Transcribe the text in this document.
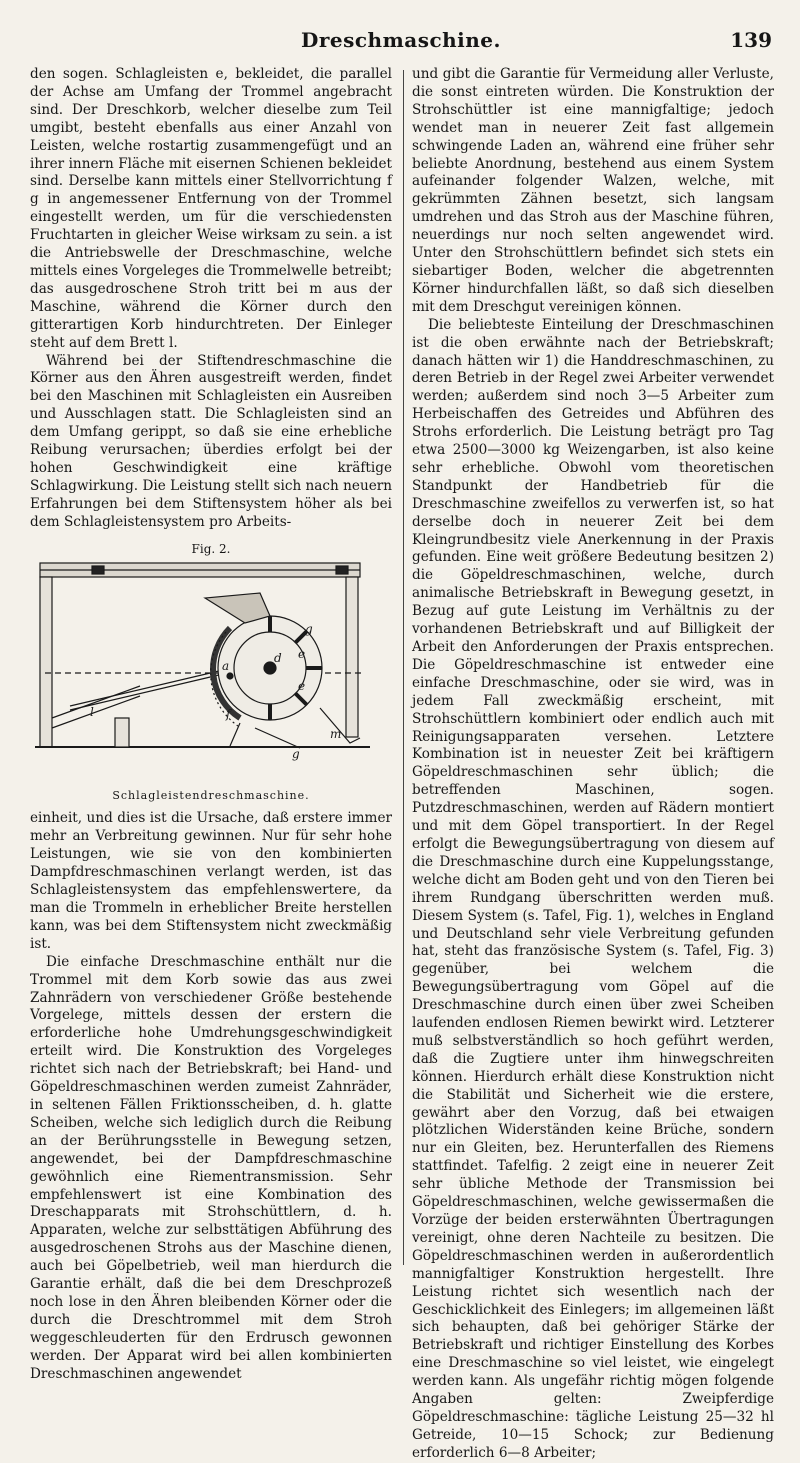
Dreschmaschine.	139

den sogen. Schlagleisten e, bekleidet, die parallel der Achse am Umfang der Trommel angebracht sind. Der Dreschkorb, welcher dieselbe zum Teil umgibt, besteht ebenfalls aus einer Anzahl von Leisten, welche rostartig zusammengefügt und an ihrer innern Fläche mit eisernen Schienen bekleidet sind. Derselbe kann mittels einer Stellvorrichtung f g in angemessener Entfernung von der Trommel eingestellt werden, um für die verschiedensten Fruchtarten in gleicher Weise wirksam zu sein. a ist die Antriebswelle der Dreschmaschine, welche mittels eines Vorgeleges die Trommelwelle betreibt; das ausgedroschene Stroh tritt bei m aus der Maschine, während die Körner durch den gitterartigen Korb hindurchtreten. Der Einleger steht auf dem Brett l.

Während bei der Stiftendreschmaschine die Körner aus den Ähren ausgestreift werden, findet bei den Maschinen mit Schlagleisten ein Ausreiben und Ausschlagen statt. Die Schlagleisten sind an dem Umfang gerippt, so daß sie eine erhebliche Reibung verursachen; überdies erfolgt bei der hohen Geschwindigkeit eine kräftige Schlagwirkung. Die Leistung stellt sich nach neuern Erfahrungen bei dem Stiftensystem höher als bei dem Schlagleistensystem pro Arbeits-

Fig. 2.
a
d e
e
f
g
g
l
m
Schlagleistendreschmaschine.

einheit, und dies ist die Ursache, daß erstere immer mehr an Verbreitung gewinnen. Nur für sehr hohe Leistungen, wie sie von den kombinierten Dampfdreschmaschinen verlangt werden, ist das Schlagleistensystem das empfehlenswertere, da man die Trommeln in erheblicher Breite herstellen kann, was bei dem Stiftensystem nicht zweckmäßig ist.

Die einfache Dreschmaschine enthält nur die Trommel mit dem Korb sowie das aus zwei Zahnrädern von verschiedener Größe bestehende Vorgelege, mittels dessen der erstern die erforderliche hohe Umdrehungsgeschwindigkeit erteilt wird. Die Konstruktion des Vorgeleges richtet sich nach der Betriebskraft; bei Hand- und Göpeldreschmaschinen werden zumeist Zahnräder, in seltenen Fällen Friktionsscheiben, d. h. glatte Scheiben, welche sich lediglich durch die Reibung an der Berührungsstelle in Bewegung setzen, angewendet, bei der Dampfdreschmaschine gewöhnlich eine Riementransmission. Sehr empfehlenswert ist eine Kombination des Dreschapparats mit Strohschüttlern, d. h. Apparaten, welche zur selbsttätigen Abführung des ausgedroschenen Strohs aus der Maschine dienen, auch bei Göpelbetrieb, weil man hierdurch die Garantie erhält, daß die bei dem Dreschprozeß noch lose in den Ähren bleibenden Körner oder die durch die Dreschtrommel mit dem Stroh weggeschleuderten für den Erdrusch gewonnen werden. Der Apparat wird bei allen kombinierten Dreschmaschinen angewendet

und gibt die Garantie für Vermeidung aller Verluste, die sonst eintreten würden. Die Konstruktion der Strohschüttler ist eine mannigfaltige; jedoch wendet man in neuerer Zeit fast allgemein schwingende Laden an, während eine früher sehr beliebte Anordnung, bestehend aus einem System aufeinander folgender Walzen, welche, mit gekrümmten Zähnen besetzt, sich langsam umdrehen und das Stroh aus der Maschine führen, neuerdings nur noch selten angewendet wird. Unter den Strohschüttlern befindet sich stets ein siebartiger Boden, welcher die abgetrennten Körner hindurchfallen läßt, so daß sich dieselben mit dem Dreschgut vereinigen können.

Die beliebteste Einteilung der Dreschmaschinen ist die oben erwähnte nach der Betriebskraft; danach hätten wir 1) die Handdreschmaschinen, zu deren Betrieb in der Regel zwei Arbeiter verwendet werden; außerdem sind noch 3—5 Arbeiter zum Herbeischaffen des Getreides und Abführen des Strohs erforderlich. Die Leistung beträgt pro Tag etwa 2500—3000 kg Weizengarben, ist also keine sehr erhebliche. Obwohl vom theoretischen Standpunkt der Handbetrieb für die Dreschmaschine zweifellos zu verwerfen ist, so hat derselbe doch in neuerer Zeit bei dem Kleingrundbesitz viele Anerkennung in der Praxis gefunden. Eine weit größere Bedeutung besitzen 2) die Göpeldreschmaschinen, welche, durch animalische Betriebskraft in Bewegung gesetzt, in Bezug auf gute Leistung im Verhältnis zu der vorhandenen Betriebskraft und auf Billigkeit der Arbeit den Anforderungen der Praxis entsprechen. Die Göpeldreschmaschine ist entweder eine einfache Dreschmaschine, oder sie wird, was in jedem Fall zweckmäßig erscheint, mit Strohschüttlern kombiniert oder endlich auch mit Reinigungsapparaten versehen. Letztere Kombination ist in neuester Zeit bei kräftigern Göpeldreschmaschinen sehr üblich; die betreffenden Maschinen, sogen. Putzdreschmaschinen, werden auf Rädern montiert und mit dem Göpel transportiert. In der Regel erfolgt die Bewegungsübertragung von diesem auf die Dreschmaschine durch eine Kuppelungsstange, welche dicht am Boden geht und von den Tieren bei ihrem Rundgang überschritten werden muß. Diesem System (s. Tafel, Fig. 1), welches in England und Deutschland sehr viele Verbreitung gefunden hat, steht das französische System (s. Tafel, Fig. 3) gegenüber, bei welchem die Bewegungsübertragung vom Göpel auf die Dreschmaschine durch einen über zwei Scheiben laufenden endlosen Riemen bewirkt wird. Letzterer muß selbstverständlich so hoch geführt werden, daß die Zugtiere unter ihm hinwegschreiten können. Hierdurch erhält diese Konstruktion nicht die Stabilität und Sicherheit wie die erstere, gewährt aber den Vorzug, daß bei etwaigen plötzlichen Widerständen keine Brüche, sondern nur ein Gleiten, bez. Herunterfallen des Riemens stattfindet. Tafelfig. 2 zeigt eine in neuerer Zeit sehr übliche Methode der Transmission bei Göpeldreschmaschinen, welche gewissermaßen die Vorzüge der beiden ersterwähnten Übertragungen vereinigt, ohne deren Nachteile zu besitzen. Die Göpeldreschmaschinen werden in außerordentlich mannigfaltiger Konstruktion hergestellt. Ihre Leistung richtet sich wesentlich nach der Geschicklichkeit des Einlegers; im allgemeinen läßt sich behaupten, daß bei gehöriger Stärke der Betriebskraft und richtiger Einstellung des Korbes eine Dreschmaschine so viel leistet, wie eingelegt werden kann. Als ungefähr richtig mögen folgende Angaben gelten: Zweipferdige Göpeldreschmaschine: tägliche Leistung 25—32 hl Getreide, 10—15 Schock; zur Bedienung erforderlich 6—8 Arbeiter;
